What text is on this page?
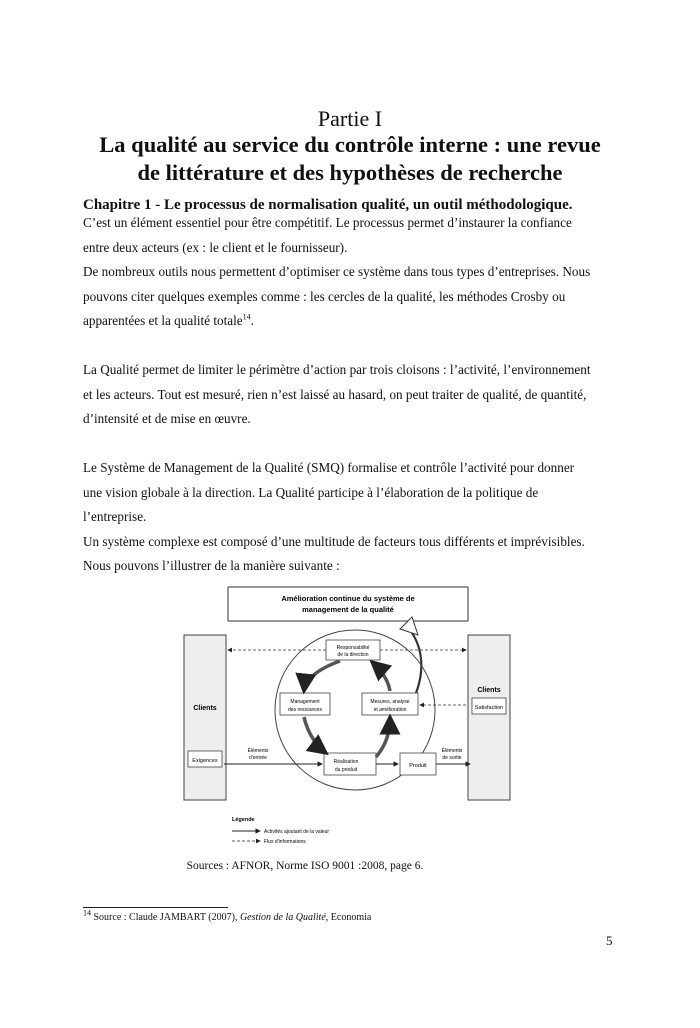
Partie I
La qualité au service du contrôle interne : une revue
de littérature et des hypothèses de recherche
Chapitre 1 - Le processus de normalisation qualité, un outil méthodologique.

C’est un élément essentiel pour être compétitif. Le processus permet d’instaurer la confiance

entre deux acteurs (ex : le client et le fournisseur).

De nombreux outils nous permettent d’optimiser ce système dans tous types d’entreprises. Nous

pouvons citer quelques exemples comme : les cercles de la qualité, les méthodes Crosby ou

apparentées et la qualité totale$^{14}$.

La Qualité permet de limiter le périmètre d’action par trois cloisons : l’activité, l’environnement

et les acteurs. Tout est mesuré, rien n’est laissé au hasard, on peut traiter de qualité, de quantité,

d’intensité et de mise en œuvre.

Le Système de Management de la Qualité (SMQ) formalise et contrôle l’activité pour donner

une vision globale à la direction. La Qualité participe à l’élaboration de la politique de

l’entreprise.

Un système complexe est composé d’une multitude de facteurs tous différents et imprévisibles.

Nous pouvons l’illustrer de la manière suivante :

Amélioration continue du système de
management de la qualité
Clients
Exigences
Clients
Satisfaction
Responsabilité
de la direction
Management
des ressources
Mesures, analyse
et amélioration
Réalisation
du produit
Produit
Éléments
d'entrée
Éléments
de sortie
Légende
Activités ajoutant de la valeur
Flux d'informations
Sources : AFNOR, Norme ISO 9001 :2008, page 6.
$^{14}$ Source : Claude JAMBART (2007), Gestion de la Qualité, Economia
5
